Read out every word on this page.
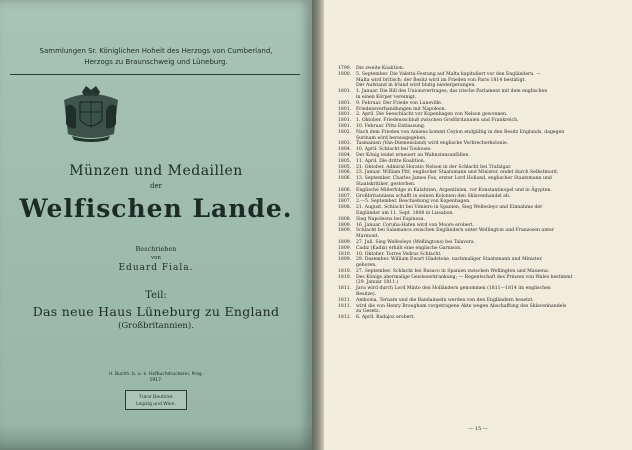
Sammlungen Sr. Königlichen Hoheit des Herzogs von Cumberland,
Herzogs zu Braunschweig und Lüneburg.
Münzen und Medaillen
der
Welfischen Lande.
Beschrieben
von
Eduard Fiala.
Teil:
Das neue Haus Lüneburg zu England
(Großbritannien).
H. Buchh. b. u. k. Hofbuchdruckerei, Prag.
1917.
Franz Deuticke
Leipzig und Wien.
1799.	Die zweite Koalition.
1800.	5. September. Die Valetta-Festung auf Malta kapituliert vor den Engländern. —
Malta wird britisch; der Besitz wird im Frieden von Paris 1814 bestätigt.
Der Aufstand in Irland wird blutig niedergerungen.
1801.	1. Januar. Die Bill des Unionsvertrages; das irische Parlament mit dem englischen
in einen Körper vereinigt.
1801.	9. Februar. Der Friede von Luneville.
1801.	Friedensverhandlungen mit Napoleon.
1801.	2. April. Die Seeschlacht vor Kopenhagen von Nelson gewonnen.
1801.	1. Oktober. Friedensschluß zwischen Großbritannien und Frankreich.
1801.	10. Februar. Pitts Entlassung.
1802.	Nach dem Frieden von Amiens kommt Ceylon endgültig in den Besitz Englands, dagegen
Surinam wird herausgegeben.
1803.	Tasmanien (Van-Diemensland) wird englische Verbrecherkolonie.
1804.	10. April. Schlacht bei Toulouse.
1804.	Der König leidet erneuert an Wahnsinnsanfällen.
1805.	11. April. Die dritte Koalition.
1805.	21. Oktober. Admiral Horatio Nelson in der Schlacht bei Trafalgar.
1806.	23. Januar. William Pitt, englischer Staatsmann und Minister, endet durch Selbstmord.
1806.	13. September. Charles James Fox, erster Lord Holland, englischer Staatsmann und
Staatskritiker, gestorben.
1806.	Englische Mißerfolge in Kalabrien, Argentinien, vor Konstantinopel und in Ägypten.
1807.	Großbritanniens schafft in seinen Kolonien den Sklavenhandel ab.
1807.	2.—5. September. Beschießung von Kopenhagen.
1808.	21. August. Schlacht bei Vimiero in Spanien, Sieg Wellesleys und Einnahme der
Engländer am 11. Sept. 1808 in Lissabon.
1808.	Sieg Napoleons bei Espinosa.
1809.	16. Januar. Coruña-Hafen wird von Moore erobert.
1809.	Schlacht bei Salamanca zwischen Engländern unter Wellington und Franzosen unter
Marmont.
1809.	27. Juli. Sieg Wellesleys (Wellingtons) bei Talavera.
1809.	Cadiz (Kadix) erhält eine englische Garnison.
1810.	10. Oktober. Torres Vedras Schlacht.
1809.	29. Dezember. William Ewart Gladstone, nachmaliger Staatsmann und Minister,
geboren.
1810.	27. September. Schlacht bei Busaco in Spanien zwischen Wellington und Massena.
1810.	Des Königs abermalige Geisteserkrankung; — Regentschaft des Prinzen von Wales bestimmt
(29. Januar 1811.)
1811.	Java wird durch Lord Minto den Holländern genommen (1811—1814 im englischen
Besitze).
1811.	Amboina, Ternate und die Bandainseln werden von den Engländern besetzt.
1811.	wird die von Henry Brougham vorgetragene Akte wegen Abschaffung des Sklavenhandels
zu Gesetz.
1812.	6. April. Badajoz erobert.
— 15 —
